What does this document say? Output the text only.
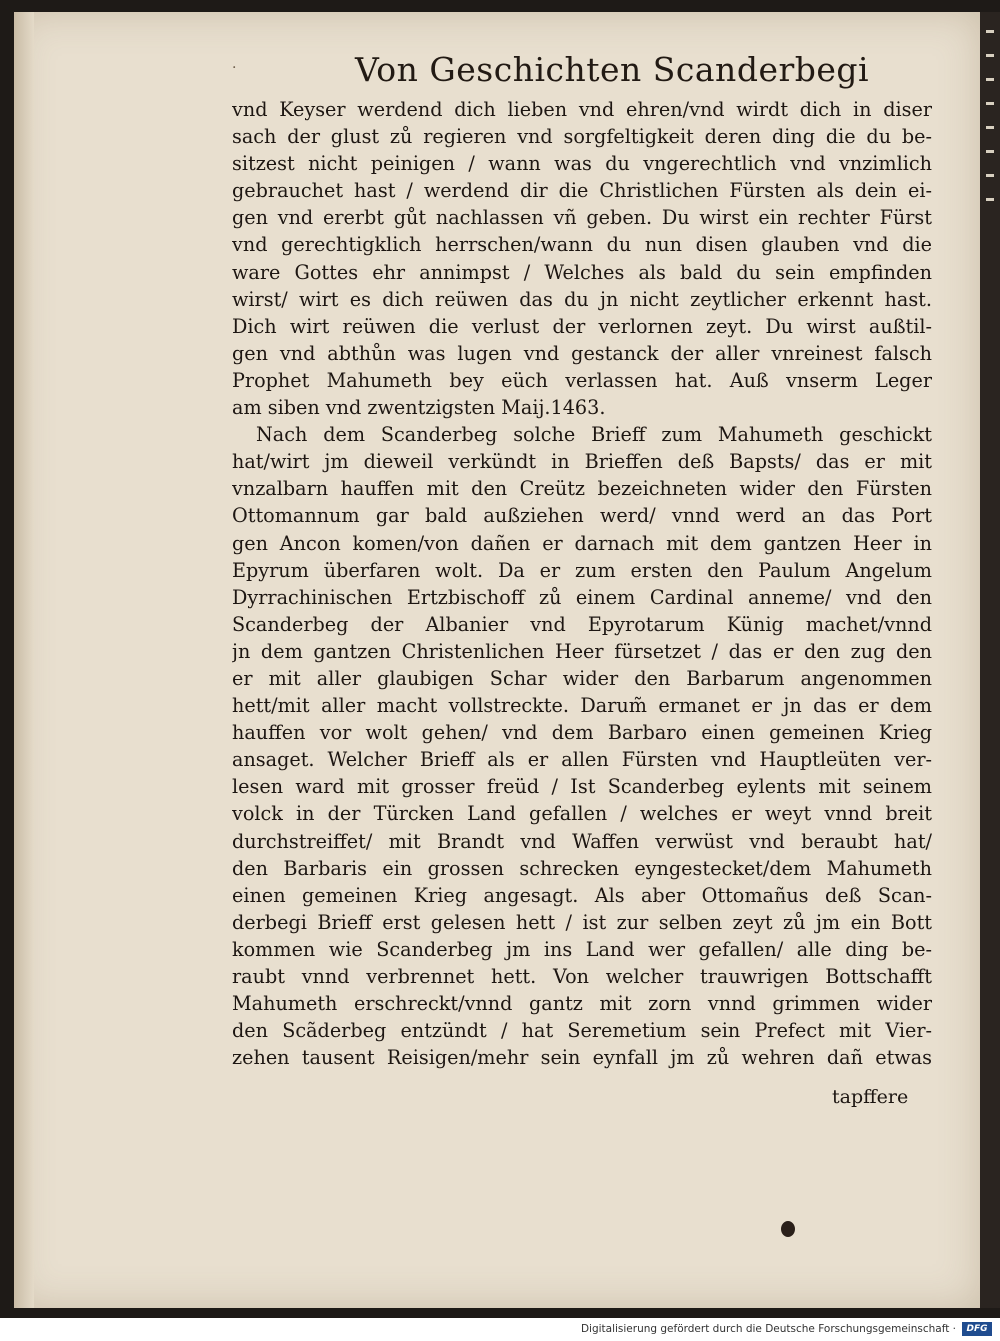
·	Von Geschichten Scanderbegi
vnd Keyser werdend dich lieben vnd ehren/vnd wirdt dich in diser
sach der glust zů regieren vnd sorgfeltigkeit deren ding die du be‑
sitzest nicht peinigen / wann was du vngerechtlich vnd vnzimlich
gebrauchet hast / werdend dir die Christlichen Fürsten als dein ei‑
gen vnd ererbt gůt nachlassen vñ geben. Du wirst ein rechter Fürst
vnd gerechtigklich herrschen/wann du nun disen glauben vnd die
ware Gottes ehr annimpst / Welches als bald du sein empfinden
wirst/ wirt es dich reüwen das du jn nicht zeytlicher erkennt hast.
Dich wirt reüwen die verlust der verlornen zeyt. Du wirst außtil‑
gen vnd abthůn was lugen vnd gestanck der aller vnreinest falsch
Prophet Mahumeth bey eüch verlassen hat. Auß vnserm Leger
am siben vnd zwentzigsten Maij.1463.
Nach dem Scanderbeg solche Brieff zum Mahumeth geschickt
hat/wirt jm dieweil verkündt in Brieffen deß Bapsts/ das er mit
vnzalbarn hauffen mit den Creütz bezeichneten wider den Fürsten
Ottomannum gar bald außziehen werd/ vnnd werd an das Port
gen Ancon komen/von dañen er darnach mit dem gantzen Heer in
Epyrum überfaren wolt. Da er zum ersten den Paulum Angelum
Dyrrachinischen Ertzbischoff zů einem Cardinal anneme/ vnd den
Scanderbeg der Albanier vnd Epyrotarum Künig machet/vnnd
jn dem gantzen Christenlichen Heer fürsetzet / das er den zug den
er mit aller glaubigen Schar wider den Barbarum angenommen
hett/mit aller macht vollstreckte. Darum̃ ermanet er jn das er dem
hauffen vor wolt gehen/ vnd dem Barbaro einen gemeinen Krieg
ansaget. Welcher Brieff als er allen Fürsten vnd Hauptleüten ver‑
lesen ward mit grosser freüd / Ist Scanderbeg eylents mit seinem
volck in der Türcken Land gefallen / welches er weyt vnnd breit
durchstreiffet/ mit Brandt vnd Waffen verwüst vnd beraubt hat/
den Barbaris ein grossen schrecken eyngestecket/dem Mahumeth
einen gemeinen Krieg angesagt. Als aber Ottomañus deß Scan‑
derbegi Brieff erst gelesen hett / ist zur selben zeyt zů jm ein Bott
kommen wie Scanderbeg jm ins Land wer gefallen/ alle ding be‑
raubt vnnd verbrennet hett. Von welcher trauwrigen Bottschafft
Mahumeth erschreckt/vnnd gantz mit zorn vnnd grimmen wider
den Scãderbeg entzündt / hat Seremetium sein Prefect mit Vier‑
zehen tausent Reisigen/mehr sein eynfall jm zů wehren dañ etwas
tapffere
Digitalisierung gefördert durch die Deutsche Forschungsgemeinschaft ·	DFG
